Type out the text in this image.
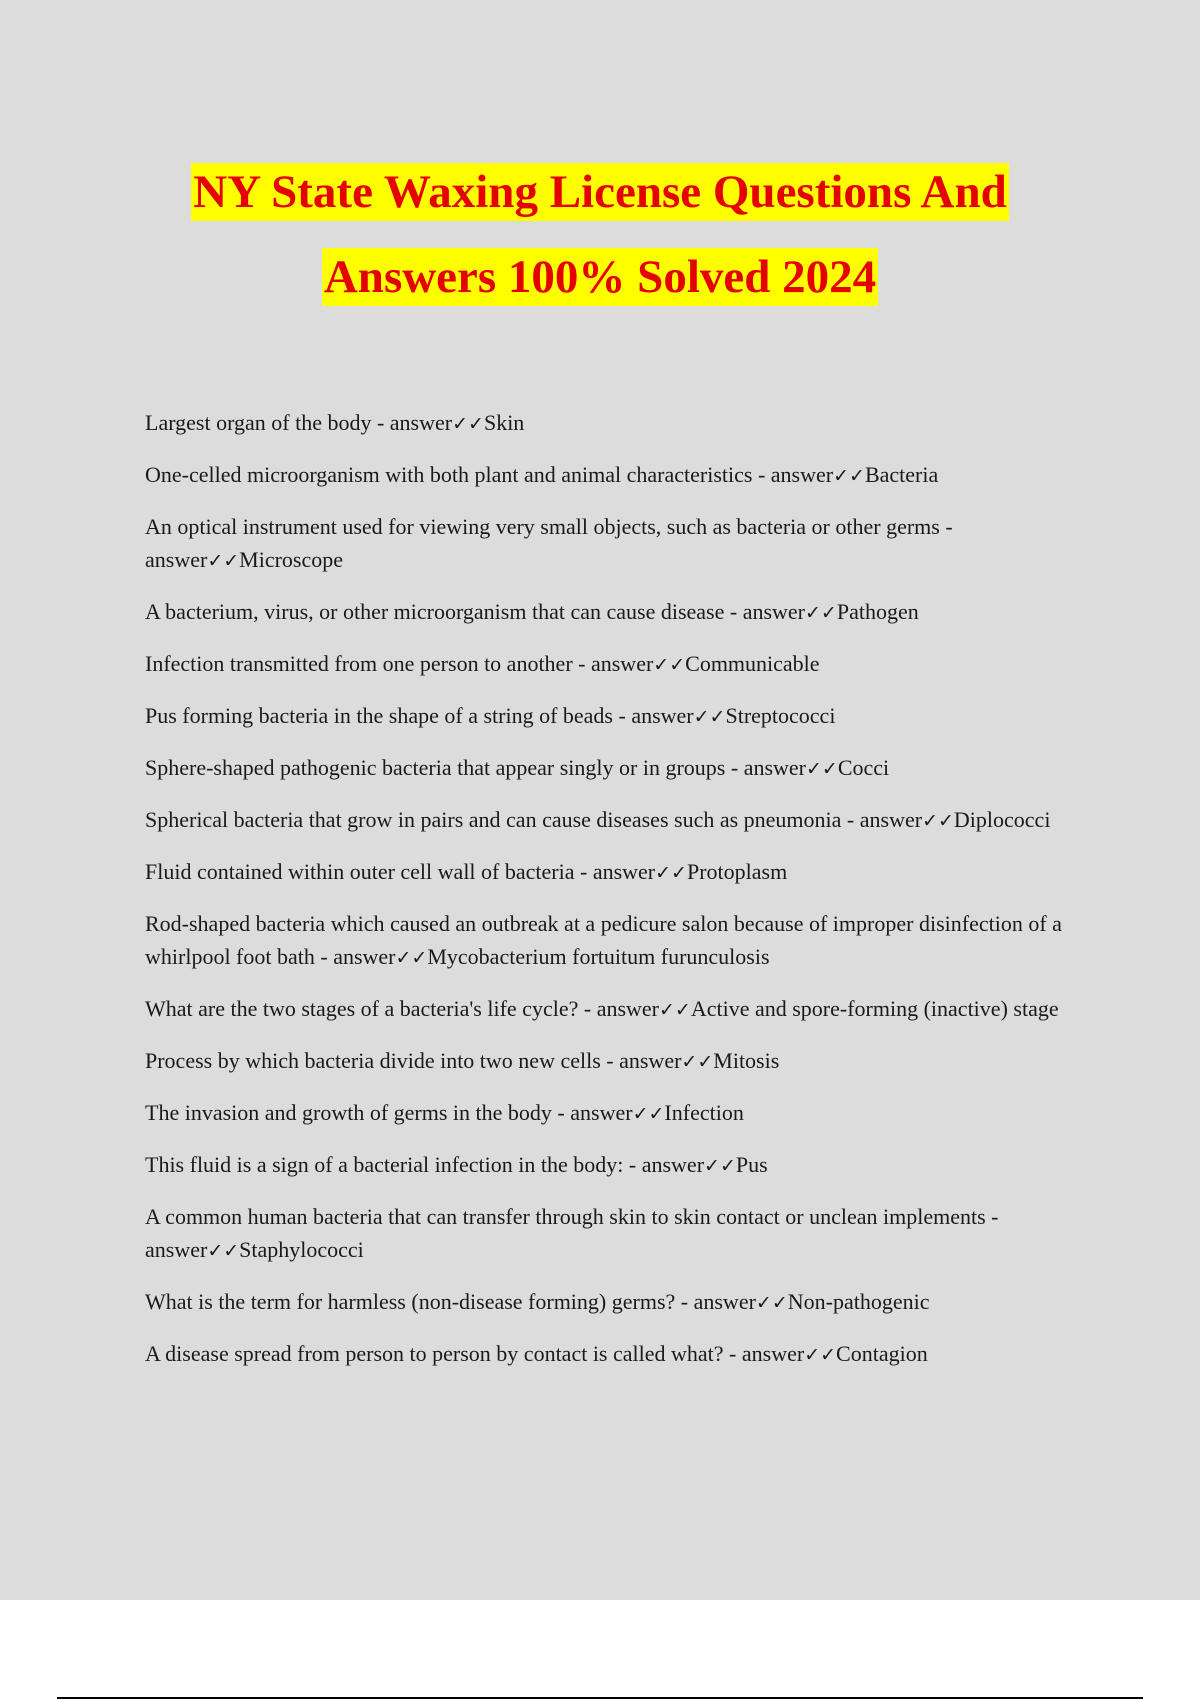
NY State Waxing License Questions And
Answers 100% Solved 2024
Largest organ of the body - answer✓✓Skin
One-celled microorganism with both plant and animal characteristics - answer✓✓Bacteria
An optical instrument used for viewing very small objects, such as bacteria or other germs - answer✓✓Microscope
A bacterium, virus, or other microorganism that can cause disease - answer✓✓Pathogen
Infection transmitted from one person to another - answer✓✓Communicable
Pus forming bacteria in the shape of a string of beads - answer✓✓Streptococci
Sphere-shaped pathogenic bacteria that appear singly or in groups - answer✓✓Cocci
Spherical bacteria that grow in pairs and can cause diseases such as pneumonia - answer✓✓Diplococci
Fluid contained within outer cell wall of bacteria - answer✓✓Protoplasm
Rod-shaped bacteria which caused an outbreak at a pedicure salon because of improper disinfection of a whirlpool foot bath - answer✓✓Mycobacterium fortuitum furunculosis
What are the two stages of a bacteria's life cycle? - answer✓✓Active and spore-forming (inactive) stage
Process by which bacteria divide into two new cells - answer✓✓Mitosis
The invasion and growth of germs in the body - answer✓✓Infection
This fluid is a sign of a bacterial infection in the body: - answer✓✓Pus
A common human bacteria that can transfer through skin to skin contact or unclean implements - answer✓✓Staphylococci
What is the term for harmless (non-disease forming) germs? - answer✓✓Non-pathogenic
A disease spread from person to person by contact is called what? - answer✓✓Contagion
